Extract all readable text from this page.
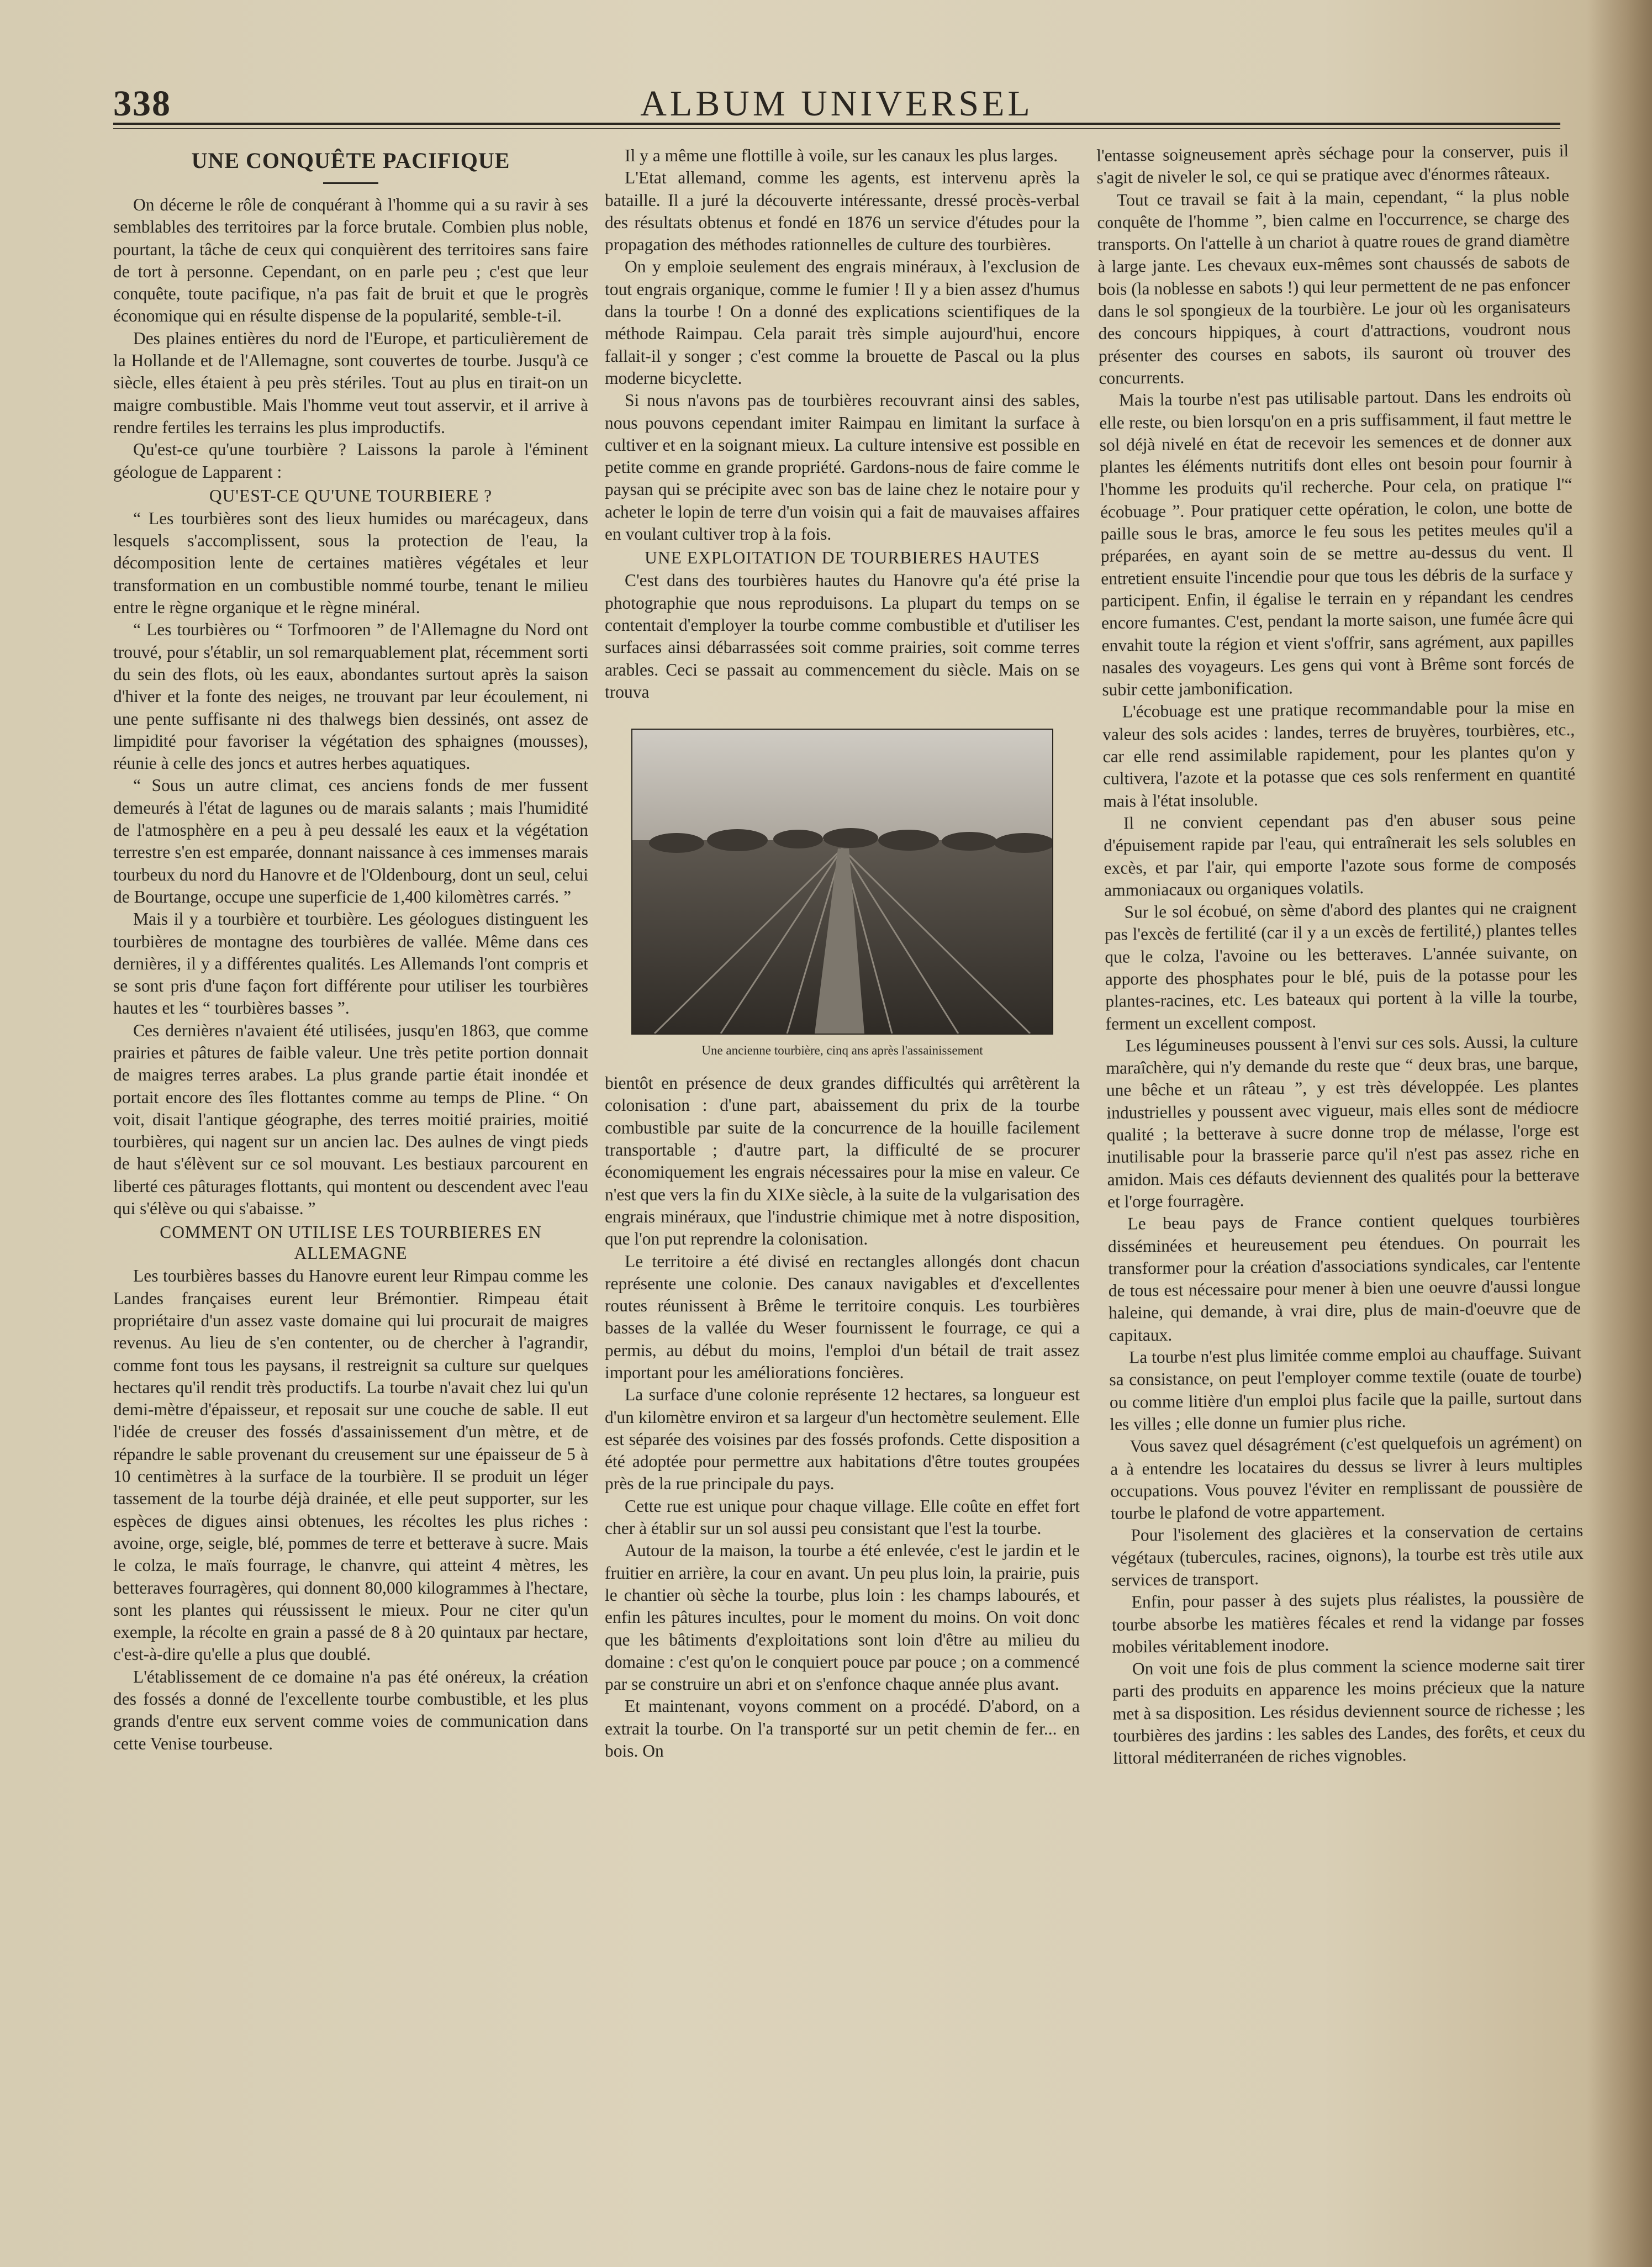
338	ALBUM UNIVERSEL
UNE CONQUÊTE PACIFIQUE

On décerne le rôle de conquérant à l'homme qui a su ravir à ses semblables des territoires par la force brutale. Combien plus noble, pourtant, la tâche de ceux qui conquièrent des territoires sans faire de tort à personne. Cependant, on en parle peu ; c'est que leur conquête, toute pacifique, n'a pas fait de bruit et que le progrès économique qui en résulte dispense de la popularité, semble-t-il.

Des plaines entières du nord de l'Europe, et particulièrement de la Hollande et de l'Allemagne, sont couvertes de tourbe. Jusqu'à ce siècle, elles étaient à peu près stériles. Tout au plus en tirait-on un maigre combustible. Mais l'homme veut tout asservir, et il arrive à rendre fertiles les terrains les plus improductifs.

Qu'est-ce qu'une tourbière ? Laissons la parole à l'éminent géologue de Lapparent :

QU'EST-CE QU'UNE TOURBIERE ?

“ Les tourbières sont des lieux humides ou marécageux, dans lesquels s'accomplissent, sous la protection de l'eau, la décomposition lente de certaines matières végétales et leur transformation en un combustible nommé tourbe, tenant le milieu entre le règne organique et le règne minéral.

“ Les tourbières ou “ Torfmooren ” de l'Allemagne du Nord ont trouvé, pour s'établir, un sol remarquablement plat, récemment sorti du sein des flots, où les eaux, abondantes surtout après la saison d'hiver et la fonte des neiges, ne trouvant par leur écoulement, ni une pente suffisante ni des thalwegs bien dessinés, ont assez de limpidité pour favoriser la végétation des sphaignes (mousses), réunie à celle des joncs et autres herbes aquatiques.

“ Sous un autre climat, ces anciens fonds de mer fussent demeurés à l'état de lagunes ou de marais salants ; mais l'humidité de l'atmosphère en a peu à peu dessalé les eaux et la végétation terrestre s'en est emparée, donnant naissance à ces immenses marais tourbeux du nord du Hanovre et de l'Oldenbourg, dont un seul, celui de Bourtange, occupe une superficie de 1,400 kilomètres carrés. ”

Mais il y a tourbière et tourbière. Les géologues distinguent les tourbières de montagne des tourbières de vallée. Même dans ces dernières, il y a différentes qualités. Les Allemands l'ont compris et se sont pris d'une façon fort différente pour utiliser les tourbières hautes et les “ tourbières basses ”.

Ces dernières n'avaient été utilisées, jusqu'en 1863, que comme prairies et pâtures de faible valeur. Une très petite portion donnait de maigres terres arabes. La plus grande partie était inondée et portait encore des îles flottantes comme au temps de Pline. “ On voit, disait l'antique géographe, des terres moitié prairies, moitié tourbières, qui nagent sur un ancien lac. Des aulnes de vingt pieds de haut s'élèvent sur ce sol mouvant. Les bestiaux parcourent en liberté ces pâturages flottants, qui montent ou descendent avec l'eau qui s'élève ou qui s'abaisse. ”

COMMENT ON UTILISE LES TOURBIERES EN ALLEMAGNE

Les tourbières basses du Hanovre eurent leur Rimpau comme les Landes françaises eurent leur Brémontier. Rimpeau était propriétaire d'un assez vaste domaine qui lui procurait de maigres revenus. Au lieu de s'en contenter, ou de chercher à l'agrandir, comme font tous les paysans, il restreignit sa culture sur quelques hectares qu'il rendit très productifs. La tourbe n'avait chez lui qu'un demi-mètre d'épaisseur, et reposait sur une couche de sable. Il eut l'idée de creuser des fossés d'assainissement d'un mètre, et de répandre le sable provenant du creusement sur une épaisseur de 5 à 10 centimètres à la surface de la tourbière. Il se produit un léger tassement de la tourbe déjà drainée, et elle peut supporter, sur les espèces de digues ainsi obtenues, les récoltes les plus riches : avoine, orge, seigle, blé, pommes de terre et betterave à sucre. Mais le colza, le maïs fourrage, le chanvre, qui atteint 4 mètres, les betteraves fourragères, qui donnent 80,000 kilogrammes à l'hectare, sont les plantes qui réussissent le mieux. Pour ne citer qu'un exemple, la récolte en grain a passé de 8 à 20 quintaux par hectare, c'est-à-dire qu'elle a plus que doublé.

L'établissement de ce domaine n'a pas été onéreux, la création des fossés a donné de l'excellente tourbe combustible, et les plus grands d'entre eux servent comme voies de communication dans cette Venise tourbeuse.

Il y a même une flottille à voile, sur les canaux les plus larges.

L'Etat allemand, comme les agents, est intervenu après la bataille. Il a juré la découverte intéressante, dressé procès-verbal des résultats obtenus et fondé en 1876 un service d'études pour la propagation des méthodes rationnelles de culture des tourbières.

On y emploie seulement des engrais minéraux, à l'exclusion de tout engrais organique, comme le fumier ! Il y a bien assez d'humus dans la tourbe ! On a donné des explications scientifiques de la méthode Raimpau. Cela parait très simple aujourd'hui, encore fallait-il y songer ; c'est comme la brouette de Pascal ou la plus moderne bicyclette.

Si nous n'avons pas de tourbières recouvrant ainsi des sables, nous pouvons cependant imiter Raimpau en limitant la surface à cultiver et en la soignant mieux. La culture intensive est possible en petite comme en grande propriété. Gardons-nous de faire comme le paysan qui se précipite avec son bas de laine chez le notaire pour y acheter le lopin de terre d'un voisin qui a fait de mauvaises affaires en voulant cultiver trop à la fois.

UNE EXPLOITATION DE TOURBIERES HAUTES

C'est dans des tourbières hautes du Hanovre qu'a été prise la photographie que nous reproduisons. La plupart du temps on se contentait d'employer la tourbe comme combustible et d'utiliser les surfaces ainsi débarrassées soit comme prairies, soit comme terres arables. Ceci se passait au commencement du siècle. Mais on se trouva

Une ancienne tourbière, cinq ans après l'assainissement

bientôt en présence de deux grandes difficultés qui arrêtèrent la colonisation : d'une part, abaissement du prix de la tourbe combustible par suite de la concurrence de la houille facilement transportable ; d'autre part, la difficulté de se procurer économiquement les engrais nécessaires pour la mise en valeur. Ce n'est que vers la fin du XIXe siècle, à la suite de la vulgarisation des engrais minéraux, que l'industrie chimique met à notre disposition, que l'on put reprendre la colonisation.

Le territoire a été divisé en rectangles allongés dont chacun représente une colonie. Des canaux navigables et d'excellentes routes réunissent à Brême le territoire conquis. Les tourbières basses de la vallée du Weser fournissent le fourrage, ce qui a permis, au début du moins, l'emploi d'un bétail de trait assez important pour les améliorations foncières.

La surface d'une colonie représente 12 hectares, sa longueur est d'un kilomètre environ et sa largeur d'un hectomètre seulement. Elle est séparée des voisines par des fossés profonds. Cette disposition a été adoptée pour permettre aux habitations d'être toutes groupées près de la rue principale du pays.

Cette rue est unique pour chaque village. Elle coûte en effet fort cher à établir sur un sol aussi peu consistant que l'est la tourbe.

Autour de la maison, la tourbe a été enlevée, c'est le jardin et le fruitier en arrière, la cour en avant. Un peu plus loin, la prairie, puis le chantier où sèche la tourbe, plus loin : les champs labourés, et enfin les pâtures incultes, pour le moment du moins. On voit donc que les bâtiments d'exploitations sont loin d'être au milieu du domaine : c'est qu'on le conquiert pouce par pouce ; on a commencé par se construire un abri et on s'enfonce chaque année plus avant.

Et maintenant, voyons comment on a procédé. D'abord, on a extrait la tourbe. On l'a transporté sur un petit chemin de fer... en bois. On

l'entasse soigneusement après séchage pour la conserver, puis il s'agit de niveler le sol, ce qui se pratique avec d'énormes râteaux.

Tout ce travail se fait à la main, cependant, “ la plus noble conquête de l'homme ”, bien calme en l'occurrence, se charge des transports. On l'attelle à un chariot à quatre roues de grand diamètre à large jante. Les chevaux eux-mêmes sont chaussés de sabots de bois (la noblesse en sabots !) qui leur permettent de ne pas enfoncer dans le sol spongieux de la tourbière. Le jour où les organisateurs des concours hippiques, à court d'attractions, voudront nous présenter des courses en sabots, ils sauront où trouver des concurrents.

Mais la tourbe n'est pas utilisable partout. Dans les endroits où elle reste, ou bien lorsqu'on en a pris suffisamment, il faut mettre le sol déjà nivelé en état de recevoir les semences et de donner aux plantes les éléments nutritifs dont elles ont besoin pour fournir à l'homme les produits qu'il recherche. Pour cela, on pratique l'“ écobuage ”. Pour pratiquer cette opération, le colon, une botte de paille sous le bras, amorce le feu sous les petites meules qu'il a préparées, en ayant soin de se mettre au-dessus du vent. Il entretient ensuite l'incendie pour que tous les débris de la surface y participent. Enfin, il égalise le terrain en y répandant les cendres encore fumantes. C'est, pendant la morte saison, une fumée âcre qui envahit toute la région et vient s'offrir, sans agrément, aux papilles nasales des voyageurs. Les gens qui vont à Brême sont forcés de subir cette jambonification.

L'écobuage est une pratique recommandable pour la mise en valeur des sols acides : landes, terres de bruyères, tourbières, etc., car elle rend assimilable rapidement, pour les plantes qu'on y cultivera, l'azote et la potasse que ces sols renferment en quantité mais à l'état insoluble.

Il ne convient cependant pas d'en abuser sous peine d'épuisement rapide par l'eau, qui entraînerait les sels solubles en excès, et par l'air, qui emporte l'azote sous forme de composés ammoniacaux ou organiques volatils.

Sur le sol écobué, on sème d'abord des plantes qui ne craignent pas l'excès de fertilité (car il y a un excès de fertilité,) plantes telles que le colza, l'avoine ou les betteraves. L'année suivante, on apporte des phosphates pour le blé, puis de la potasse pour les plantes-racines, etc. Les bateaux qui portent à la ville la tourbe, ferment un excellent compost.

Les légumineuses poussent à l'envi sur ces sols. Aussi, la culture maraîchère, qui n'y demande du reste que “ deux bras, une barque, une bêche et un râteau ”, y est très développée. Les plantes industrielles y poussent avec vigueur, mais elles sont de médiocre qualité ; la betterave à sucre donne trop de mélasse, l'orge est inutilisable pour la brasserie parce qu'il n'est pas assez riche en amidon. Mais ces défauts deviennent des qualités pour la betterave et l'orge fourragère.

Le beau pays de France contient quelques tourbières disséminées et heureusement peu étendues. On pourrait les transformer pour la création d'associations syndicales, car l'entente de tous est nécessaire pour mener à bien une oeuvre d'aussi longue haleine, qui demande, à vrai dire, plus de main-d'oeuvre que de capitaux.

La tourbe n'est plus limitée comme emploi au chauffage. Suivant sa consistance, on peut l'employer comme textile (ouate de tourbe) ou comme litière d'un emploi plus facile que la paille, surtout dans les villes ; elle donne un fumier plus riche.

Vous savez quel désagrément (c'est quelquefois un agrément) on a à entendre les locataires du dessus se livrer à leurs multiples occupations. Vous pouvez l'éviter en remplissant de poussière de tourbe le plafond de votre appartement.

Pour l'isolement des glacières et la conservation de certains végétaux (tubercules, racines, oignons), la tourbe est très utile aux services de transport.

Enfin, pour passer à des sujets plus réalistes, la poussière de tourbe absorbe les matières fécales et rend la vidange par fosses mobiles véritablement inodore.

On voit une fois de plus comment la science moderne sait tirer parti des produits en apparence les moins précieux que la nature met à sa disposition. Les résidus deviennent source de richesse ; les tourbières des jardins : les sables des Landes, des forêts, et ceux du littoral méditerranéen de riches vignobles.
